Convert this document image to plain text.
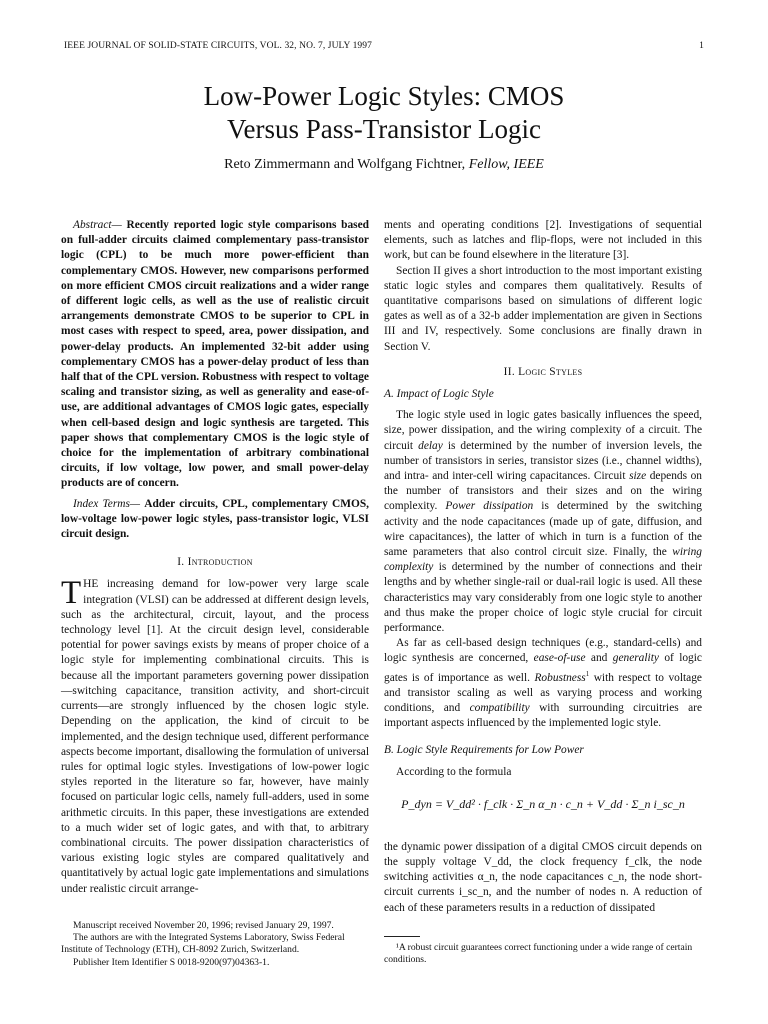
IEEE JOURNAL OF SOLID-STATE CIRCUITS, VOL. 32, NO. 7, JULY 1997	1
Low-Power Logic Styles: CMOS
Versus Pass-Transistor Logic
Reto Zimmermann and Wolfgang Fichtner, Fellow, IEEE

Abstract— Recently reported logic style comparisons based on full-adder circuits claimed complementary pass-transistor logic (CPL) to be much more power-efficient than complementary CMOS. However, new comparisons performed on more efficient CMOS circuit realizations and a wider range of different logic cells, as well as the use of realistic circuit arrangements demonstrate CMOS to be superior to CPL in most cases with respect to speed, area, power dissipation, and power-delay products. An implemented 32-bit adder using complementary CMOS has a power-delay product of less than half that of the CPL version. Robustness with respect to voltage scaling and transistor sizing, as well as generality and ease-of-use, are additional advantages of CMOS logic gates, especially when cell-based design and logic synthesis are targeted. This paper shows that complementary CMOS is the logic style of choice for the implementation of arbitrary combinational circuits, if low voltage, low power, and small power-delay products are of concern.

Index Terms— Adder circuits, CPL, complementary CMOS, low-voltage low-power logic styles, pass-transistor logic, VLSI circuit design.

I. Introduction

THE increasing demand for low-power very large scale integration (VLSI) can be addressed at different design levels, such as the architectural, circuit, layout, and the process technology level [1]. At the circuit design level, considerable potential for power savings exists by means of proper choice of a logic style for implementing combinational circuits. This is because all the important parameters governing power dissipation—switching capacitance, transition activity, and short-circuit currents—are strongly influenced by the chosen logic style. Depending on the application, the kind of circuit to be implemented, and the design technique used, different performance aspects become important, disallowing the formulation of universal rules for optimal logic styles. Investigations of low-power logic styles reported in the literature so far, however, have mainly focused on particular logic cells, namely full-adders, used in some arithmetic circuits. In this paper, these investigations are extended to a much wider set of logic gates, and with that, to arbitrary combinational circuits. The power dissipation characteristics of various existing logic styles are compared qualitatively and quantitatively by actual logic gate implementations and simulations under realistic circuit arrange-

Manuscript received November 20, 1996; revised January 29, 1997.

The authors are with the Integrated Systems Laboratory, Swiss Federal Institute of Technology (ETH), CH-8092 Zurich, Switzerland.

Publisher Item Identifier S 0018-9200(97)04363-1.

ments and operating conditions [2]. Investigations of sequential elements, such as latches and flip-flops, were not included in this work, but can be found elsewhere in the literature [3].

Section II gives a short introduction to the most important existing static logic styles and compares them qualitatively. Results of quantitative comparisons based on simulations of different logic gates as well as of a 32-b adder implementation are given in Sections III and IV, respectively. Some conclusions are finally drawn in Section V.

II. Logic Styles
A. Impact of Logic Style

The logic style used in logic gates basically influences the speed, size, power dissipation, and the wiring complexity of a circuit. The circuit delay is determined by the number of inversion levels, the number of transistors in series, transistor sizes (i.e., channel widths), and intra- and inter-cell wiring capacitances. Circuit size depends on the number of transistors and their sizes and on the wiring complexity. Power dissipation is determined by the switching activity and the node capacitances (made up of gate, diffusion, and wire capacitances), the latter of which in turn is a function of the same parameters that also control circuit size. Finally, the wiring complexity is determined by the number of connections and their lengths and by whether single-rail or dual-rail logic is used. All these characteristics may vary considerably from one logic style to another and thus make the proper choice of logic style crucial for circuit performance.

As far as cell-based design techniques (e.g., standard-cells) and logic synthesis are concerned, ease-of-use and generality of logic gates is of importance as well. Robustness$^1$ with respect to voltage and transistor scaling as well as varying process and working conditions, and compatibility with surrounding circuitries are important aspects influenced by the implemented logic style.

B. Logic Style Requirements for Low Power

According to the formula

P_dyn = V_dd² · f_clk · Σ_n α_n · c_n + V_dd · Σ_n i_sc_n

the dynamic power dissipation of a digital CMOS circuit depends on the supply voltage V_dd, the clock frequency f_clk, the node switching activities α_n, the node capacitances c_n, the node short-circuit currents i_sc_n, and the number of nodes n. A reduction of each of these parameters results in a reduction of dissipated

¹A robust circuit guarantees correct functioning under a wide range of certain conditions.
